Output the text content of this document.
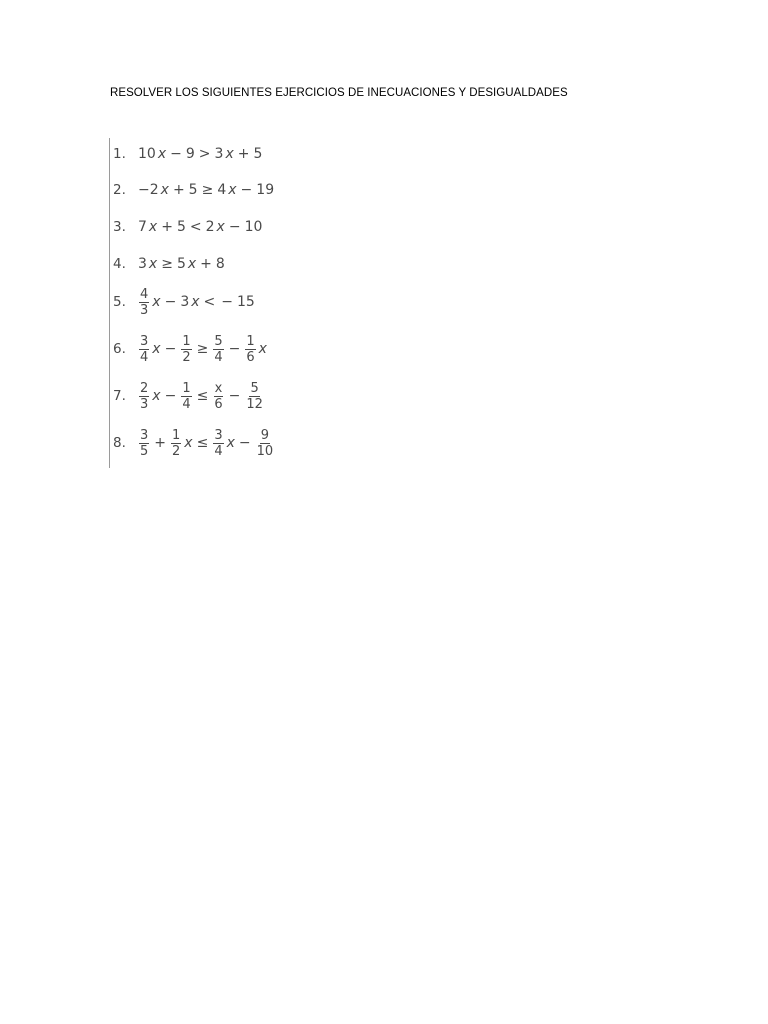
RESOLVER LOS SIGUIENTES EJERCICIOS DE INECUACIONES Y DESIGUALDADES
1. 10 x − 9 > 3 x + 5
2. −2 x + 5 ≥ 4 x − 19
3. 7 x + 5 < 2 x − 10
4. 3 x ≥ 5 x + 8
5.	$\frac{4}{3}$ x − 3 x < − 15
6.	$\frac{3}{4}$ $x - \frac{1}{2} \ge \frac{5}{4} - \frac{1}{6}$ x
7.	$\frac{2}{3}$ $x - \frac{1}{4} \le \frac{x}{6} - \frac{5}{12}$
8.	$\frac{3}{5} + \frac{1}{2}$ $x \le \frac{3}{4}$ $x - \frac{9}{10}$
